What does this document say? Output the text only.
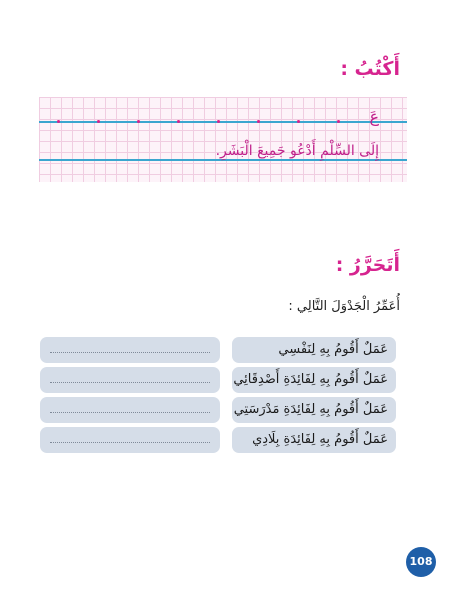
أَكْتُبُ :
عَ
إِلَى السِّلْمِ أَدْعُو جَمِيعَ الْبَشَرِ.
أَتَحَرَّرُ :
أُعَمِّرُ الْجَدْوَلَ التَّالِي :
عَمَلٌ أَقُومُ بِهِ لِنَفْسِي
عَمَلٌ أَقُومُ بِهِ لِفَائِدَةِ أَصْدِقَائِي
عَمَلٌ أَقُومُ بِهِ لِفَائِدَةِ مَدْرَسَتِي
عَمَلٌ أَقُومُ بِهِ لِفَائِدَةِ بِلَادِي
108
